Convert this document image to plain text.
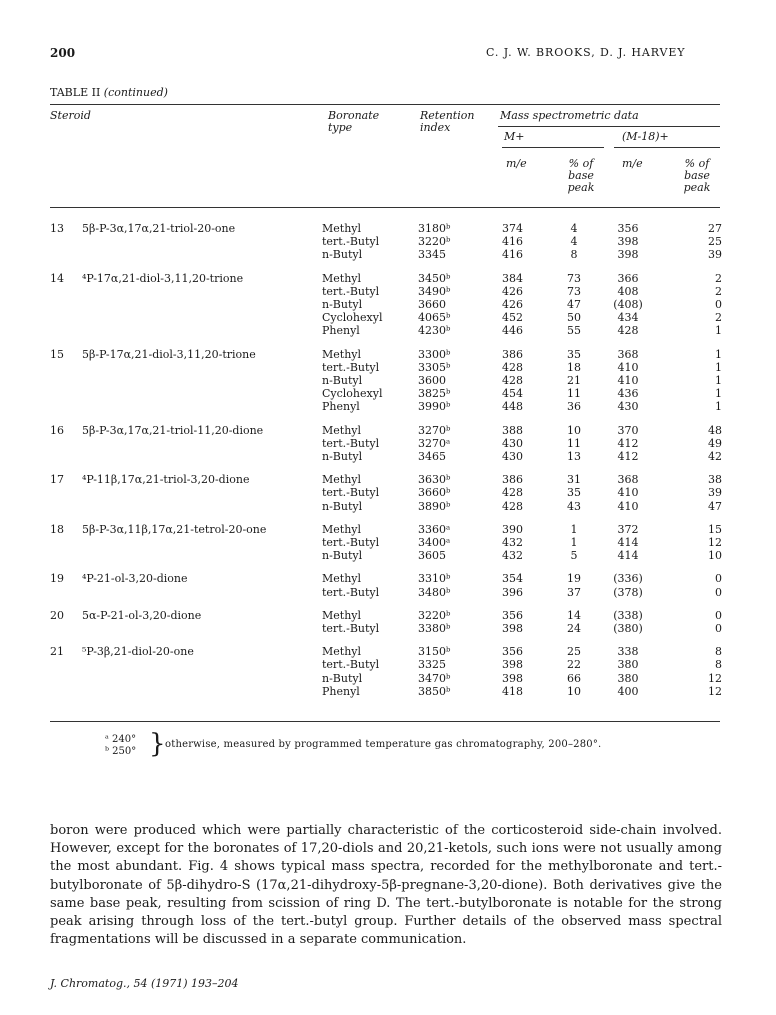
200	C. J. W. BROOKS, D. J. HARVEY
TABLE II (continued)
Steroid	Boronate type
Retention index
Mass spectrometric data
M+	(M-18)+
m/e	% of base peak
m/e	% of base peak
13	5β-P-3α,17α,21-triol-20-one	Methyl	3180ᵇ	374	4	356	27
		tert.-Butyl	3220ᵇ	416	4	398	25
		n-Butyl	3345	416	8	398	39
14	⁴P-17α,21-diol-3,11,20-trione	Methyl	3450ᵇ	384	73	366	2
		tert.-Butyl	3490ᵇ	426	73	408	2
		n-Butyl	3660	426	47	(408)	0
		Cyclohexyl	4065ᵇ	452	50	434	2
		Phenyl	4230ᵇ	446	55	428	1
15	5β-P-17α,21-diol-3,11,20-trione	Methyl	3300ᵇ	386	35	368	1
		tert.-Butyl	3305ᵇ	428	18	410	1
		n-Butyl	3600	428	21	410	1
		Cyclohexyl	3825ᵇ	454	11	436	1
		Phenyl	3990ᵇ	448	36	430	1
16	5β-P-3α,17α,21-triol-11,20-dione	Methyl	3270ᵇ	388	10	370	48
		tert.-Butyl	3270ᵃ	430	11	412	49
		n-Butyl	3465	430	13	412	42
17	⁴P-11β,17α,21-triol-3,20-dione	Methyl	3630ᵇ	386	31	368	38
		tert.-Butyl	3660ᵇ	428	35	410	39
		n-Butyl	3890ᵇ	428	43	410	47
18	5β-P-3α,11β,17α,21-tetrol-20-one	Methyl	3360ᵃ	390	1	372	15
		tert.-Butyl	3400ᵃ	432	1	414	12
		n-Butyl	3605	432	5	414	10
19	⁴P-21-ol-3,20-dione	Methyl	3310ᵇ	354	19	(336)	0
		tert.-Butyl	3480ᵇ	396	37	(378)	0
20	5α-P-21-ol-3,20-dione	Methyl	3220ᵇ	356	14	(338)	0
		tert.-Butyl	3380ᵇ	398	24	(380)	0
21	⁵P-3β,21-diol-20-one	Methyl	3150ᵇ	356	25	338	8
		tert.-Butyl	3325	398	22	380	8
		n-Butyl	3470ᵇ	398	66	380	12
		Phenyl	3850ᵇ	418	10	400	12
ᵃ 240°
ᵇ 250° } otherwise, measured by programmed temperature gas chromatography, 200–280°.
boron were produced which were partially characteristic of the corticosteroid side-chain involved. However, except for the boronates of 17,20-diols and 20,21-ketols, such ions were not usually among the most abundant. Fig. 4 shows typical mass spectra, recorded for the methylboronate and tert.-butylboronate of 5β-dihydro-S (17α,21-dihydroxy-5β-pregnane-3,20-dione). Both derivatives give the same base peak, resulting from scission of ring D. The tert.-butylboronate is notable for the strong peak arising through loss of the tert.-butyl group. Further details of the observed mass spectral fragmentations will be discussed in a separate communication.
J. Chromatog., 54 (1971) 193–204
